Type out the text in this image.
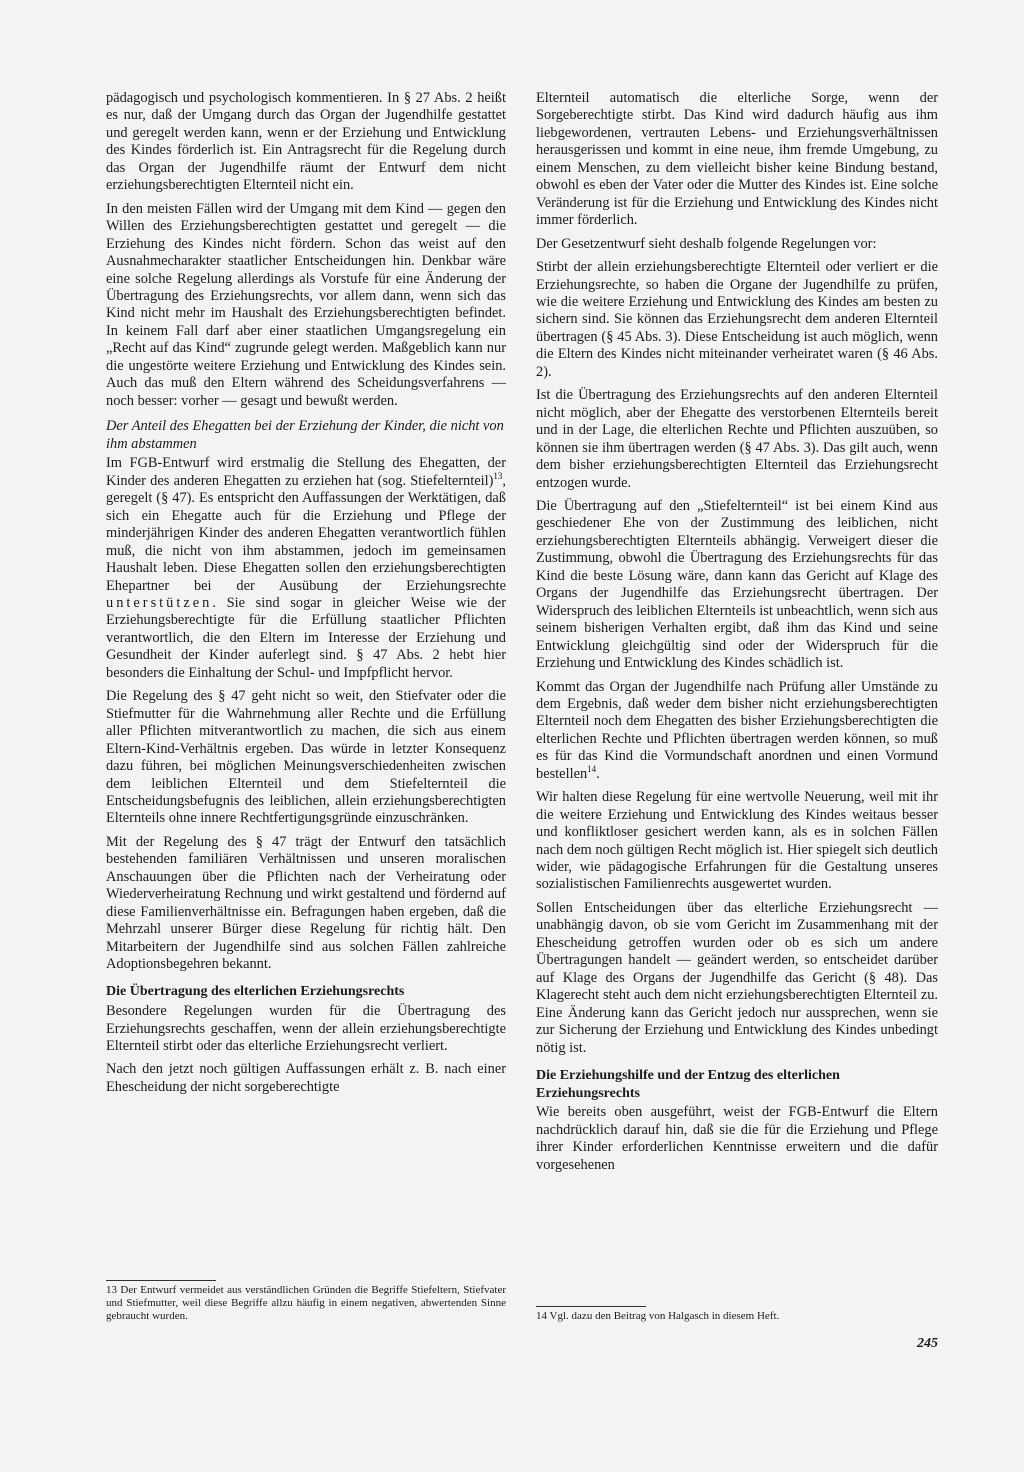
pädagogisch und psychologisch kommentieren. In § 27 Abs. 2 heißt es nur, daß der Umgang durch das Organ der Jugendhilfe gestattet und geregelt werden kann, wenn er der Erziehung und Entwicklung des Kindes förderlich ist. Ein Antragsrecht für die Regelung durch das Organ der Jugendhilfe räumt der Entwurf dem nicht erziehungsberechtigten Elternteil nicht ein.

In den meisten Fällen wird der Umgang mit dem Kind — gegen den Willen des Erziehungsberechtigten gestattet und geregelt — die Erziehung des Kindes nicht fördern. Schon das weist auf den Ausnahmecharakter staatlicher Entscheidungen hin. Denkbar wäre eine solche Regelung allerdings als Vorstufe für eine Änderung der Übertragung des Erziehungsrechts, vor allem dann, wenn sich das Kind nicht mehr im Haushalt des Erziehungsberechtigten befindet. In keinem Fall darf aber einer staatlichen Umgangsregelung ein „Recht auf das Kind“ zugrunde gelegt werden. Maßgeblich kann nur die ungestörte weitere Erziehung und Entwicklung des Kindes sein. Auch das muß den Eltern während des Scheidungsverfahrens — noch besser: vorher — gesagt und bewußt werden.

Der Anteil des Ehegatten bei der Erziehung der Kinder, die nicht von ihm abstammen

Im FGB-Entwurf wird erstmalig die Stellung des Ehegatten, der Kinder des anderen Ehegatten zu erziehen hat (sog. Stiefelternteil)$^{13}$, geregelt (§ 47). Es entspricht den Auffassungen der Werktätigen, daß sich ein Ehegatte auch für die Erziehung und Pflege der minderjährigen Kinder des anderen Ehegatten verantwortlich fühlen muß, die nicht von ihm abstammen, jedoch im gemeinsamen Haushalt leben. Diese Ehegatten sollen den erziehungsberechtigten Ehepartner bei der Ausübung der Erziehungsrechte unterstützen. Sie sind sogar in gleicher Weise wie der Erziehungsberechtigte für die Erfüllung staatlicher Pflichten verantwortlich, die den Eltern im Interesse der Erziehung und Gesundheit der Kinder auferlegt sind. § 47 Abs. 2 hebt hier besonders die Einhaltung der Schul- und Impfpflicht hervor.

Die Regelung des § 47 geht nicht so weit, den Stiefvater oder die Stiefmutter für die Wahrnehmung aller Rechte und die Erfüllung aller Pflichten mitverantwortlich zu machen, die sich aus einem Eltern-Kind-Verhältnis ergeben. Das würde in letzter Konsequenz dazu führen, bei möglichen Meinungsverschiedenheiten zwischen dem leiblichen Elternteil und dem Stiefelternteil die Entscheidungsbefugnis des leiblichen, allein erziehungsberechtigten Elternteils ohne innere Rechtfertigungsgründe einzuschränken.

Mit der Regelung des § 47 trägt der Entwurf den tatsächlich bestehenden familiären Verhältnissen und unseren moralischen Anschauungen über die Pflichten nach der Verheiratung oder Wiederverheiratung Rechnung und wirkt gestaltend und fördernd auf diese Familienverhältnisse ein. Befragungen haben ergeben, daß die Mehrzahl unserer Bürger diese Regelung für richtig hält. Den Mitarbeitern der Jugendhilfe sind aus solchen Fällen zahlreiche Adoptionsbegehren bekannt.

Die Übertragung des elterlichen Erziehungsrechts

Besondere Regelungen wurden für die Übertragung des Erziehungsrechts geschaffen, wenn der allein erziehungsberechtigte Elternteil stirbt oder das elterliche Erziehungsrecht verliert.

Nach den jetzt noch gültigen Auffassungen erhält z. B. nach einer Ehescheidung der nicht sorgeberechtigte

13 Der Entwurf vermeidet aus verständlichen Gründen die Begriffe Stiefeltern, Stiefvater und Stiefmutter, weil diese Begriffe allzu häufig in einem negativen, abwertenden Sinne gebraucht wurden.

Elternteil automatisch die elterliche Sorge, wenn der Sorgeberechtigte stirbt. Das Kind wird dadurch häufig aus ihm liebgewordenen, vertrauten Lebens- und Erziehungsverhältnissen herausgerissen und kommt in eine neue, ihm fremde Umgebung, zu einem Menschen, zu dem vielleicht bisher keine Bindung bestand, obwohl es eben der Vater oder die Mutter des Kindes ist. Eine solche Veränderung ist für die Erziehung und Entwicklung des Kindes nicht immer förderlich.

Der Gesetzentwurf sieht deshalb folgende Regelungen vor:

Stirbt der allein erziehungsberechtigte Elternteil oder verliert er die Erziehungsrechte, so haben die Organe der Jugendhilfe zu prüfen, wie die weitere Erziehung und Entwicklung des Kindes am besten zu sichern sind. Sie können das Erziehungsrecht dem anderen Elternteil übertragen (§ 45 Abs. 3). Diese Entscheidung ist auch möglich, wenn die Eltern des Kindes nicht miteinander verheiratet waren (§ 46 Abs. 2).

Ist die Übertragung des Erziehungsrechts auf den anderen Elternteil nicht möglich, aber der Ehegatte des verstorbenen Elternteils bereit und in der Lage, die elterlichen Rechte und Pflichten auszuüben, so können sie ihm übertragen werden (§ 47 Abs. 3). Das gilt auch, wenn dem bisher erziehungsberechtigten Elternteil das Erziehungsrecht entzogen wurde.

Die Übertragung auf den „Stiefelternteil“ ist bei einem Kind aus geschiedener Ehe von der Zustimmung des leiblichen, nicht erziehungsberechtigten Elternteils abhängig. Verweigert dieser die Zustimmung, obwohl die Übertragung des Erziehungsrechts für das Kind die beste Lösung wäre, dann kann das Gericht auf Klage des Organs der Jugendhilfe das Erziehungsrecht übertragen. Der Widerspruch des leiblichen Elternteils ist unbeachtlich, wenn sich aus seinem bisherigen Verhalten ergibt, daß ihm das Kind und seine Entwicklung gleichgültig sind oder der Widerspruch für die Erziehung und Entwicklung des Kindes schädlich ist.

Kommt das Organ der Jugendhilfe nach Prüfung aller Umstände zu dem Ergebnis, daß weder dem bisher nicht erziehungsberechtigten Elternteil noch dem Ehegatten des bisher Erziehungsberechtigten die elterlichen Rechte und Pflichten übertragen werden können, so muß es für das Kind die Vormundschaft anordnen und einen Vormund bestellen$^{14}$.

Wir halten diese Regelung für eine wertvolle Neuerung, weil mit ihr die weitere Erziehung und Entwicklung des Kindes weitaus besser und konfliktloser gesichert werden kann, als es in solchen Fällen nach dem noch gültigen Recht möglich ist. Hier spiegelt sich deutlich wider, wie pädagogische Erfahrungen für die Gestaltung unseres sozialistischen Familienrechts ausgewertet wurden.

Sollen Entscheidungen über das elterliche Erziehungsrecht — unabhängig davon, ob sie vom Gericht im Zusammenhang mit der Ehescheidung getroffen wurden oder ob es sich um andere Übertragungen handelt — geändert werden, so entscheidet darüber auf Klage des Organs der Jugendhilfe das Gericht (§ 48). Das Klagerecht steht auch dem nicht erziehungsberechtigten Elternteil zu. Eine Änderung kann das Gericht jedoch nur aussprechen, wenn sie zur Sicherung der Erziehung und Entwicklung des Kindes unbedingt nötig ist.

Die Erziehungshilfe und der Entzug des elterlichen Erziehungsrechts

Wie bereits oben ausgeführt, weist der FGB-Entwurf die Eltern nachdrücklich darauf hin, daß sie die für die Erziehung und Pflege ihrer Kinder erforderlichen Kenntnisse erweitern und die dafür vorgesehenen

14 Vgl. dazu den Beitrag von Halgasch in diesem Heft.

245
